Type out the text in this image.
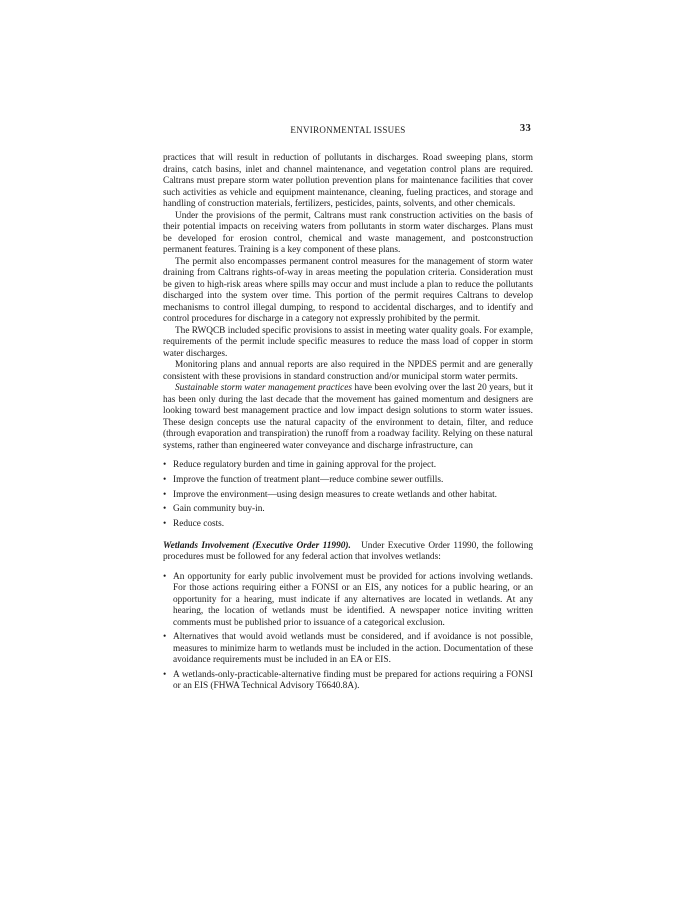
ENVIRONMENTAL ISSUES	33

practices that will result in reduction of pollutants in discharges. Road sweeping plans, storm drains, catch basins, inlet and channel maintenance, and vegetation control plans are required. Caltrans must prepare storm water pollution prevention plans for maintenance facilities that cover such activities as vehicle and equipment maintenance, cleaning, fueling practices, and storage and handling of construction materials, fertilizers, pesticides, paints, solvents, and other chemicals.

Under the provisions of the permit, Caltrans must rank construction activities on the basis of their potential impacts on receiving waters from pollutants in storm water discharges. Plans must be developed for erosion control, chemical and waste management, and postconstruction permanent features. Training is a key component of these plans.

The permit also encompasses permanent control measures for the management of storm water draining from Caltrans rights-of-way in areas meeting the population criteria. Consideration must be given to high-risk areas where spills may occur and must include a plan to reduce the pollutants discharged into the system over time. This portion of the permit requires Caltrans to develop mechanisms to control illegal dumping, to respond to accidental discharges, and to identify and control procedures for discharge in a category not expressly prohibited by the permit.

The RWQCB included specific provisions to assist in meeting water quality goals. For example, requirements of the permit include specific measures to reduce the mass load of copper in storm water discharges.

Monitoring plans and annual reports are also required in the NPDES permit and are generally consistent with these provisions in standard construction and/or municipal storm water permits.

Sustainable storm water management practices have been evolving over the last 20 years, but it has been only during the last decade that the movement has gained momentum and designers are looking toward best management practice and low impact design solutions to storm water issues. These design concepts use the natural capacity of the environment to detain, filter, and reduce (through evaporation and transpiration) the runoff from a roadway facility. Relying on these natural systems, rather than engineered water conveyance and discharge infrastructure, can

• Reduce regulatory burden and time in gaining approval for the project.
• Improve the function of treatment plant—reduce combine sewer outfills.
• Improve the environment—using design measures to create wetlands and other habitat.
• Gain community buy-in.
• Reduce costs.

Wetlands Involvement (Executive Order 11990). Under Executive Order 11990, the following procedures must be followed for any federal action that involves wetlands:

• An opportunity for early public involvement must be provided for actions involving wetlands. For those actions requiring either a FONSI or an EIS, any notices for a public hearing, or an opportunity for a hearing, must indicate if any alternatives are located in wetlands. At any hearing, the location of wetlands must be identified. A newspaper notice inviting written comments must be published prior to issuance of a categorical exclusion.
• Alternatives that would avoid wetlands must be considered, and if avoidance is not possible, measures to minimize harm to wetlands must be included in the action. Documentation of these avoidance requirements must be included in an EA or EIS.
• A wetlands-only-practicable-alternative finding must be prepared for actions requiring a FONSI or an EIS (FHWA Technical Advisory T6640.8A).
